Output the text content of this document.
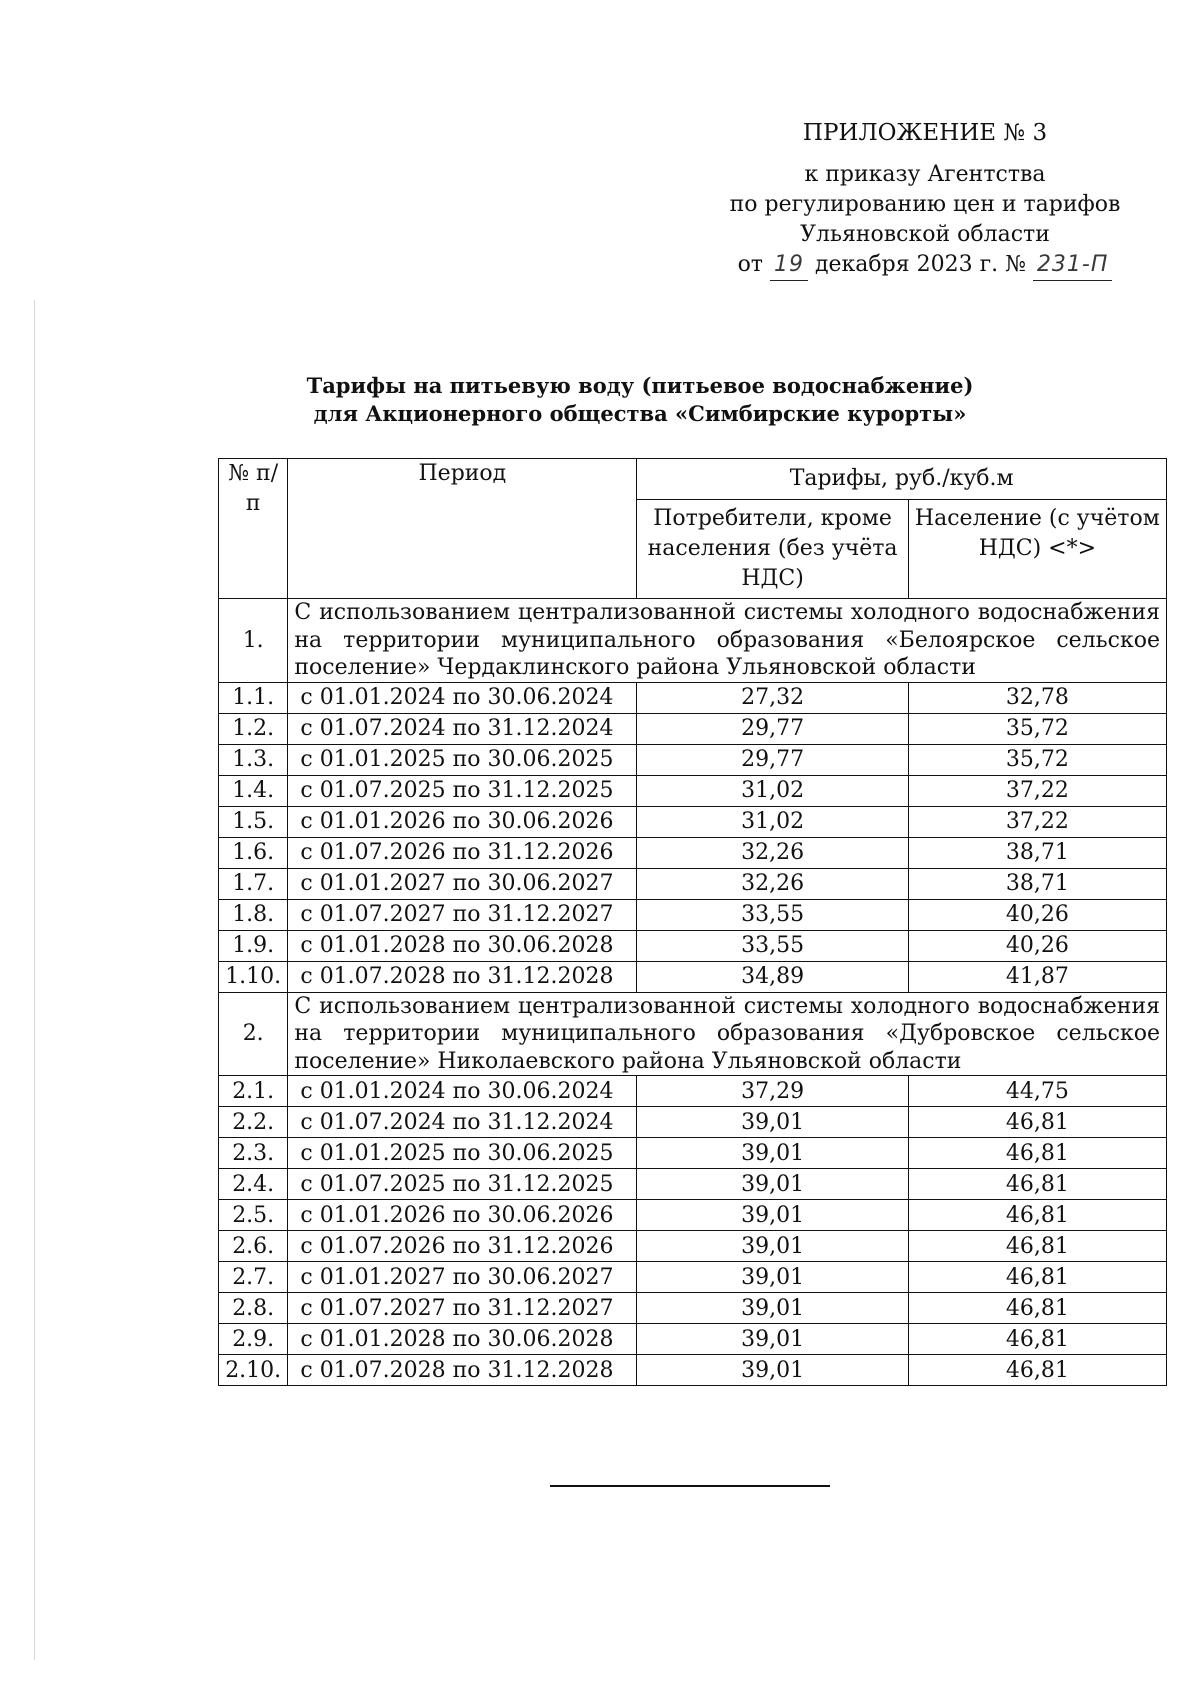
ПРИЛОЖЕНИЕ № 3
к приказу Агентства
по регулированию цен и тарифов
Ульяновской области
от 19 декабря 2023 г. № 231-П
Тарифы на питьевую воду (питьевое водоснабжение)
для Акционерного общества «Симбирские курорты»
№ п/п	Период	Тарифы, руб./куб.м	
		Потребители, кроме населения (без учёта НДС)	Население (с учётом НДС) <*>
1.	С использованием централизованной системы холодного водоснабжения на территории муниципального образования «Белоярское сельское поселение» Чердаклинского района Ульяновской области		
1.1.	с 01.01.2024 по 30.06.2024	27,32	32,78
1.2.	с 01.07.2024 по 31.12.2024	29,77	35,72
1.3.	с 01.01.2025 по 30.06.2025	29,77	35,72
1.4.	с 01.07.2025 по 31.12.2025	31,02	37,22
1.5.	с 01.01.2026 по 30.06.2026	31,02	37,22
1.6.	с 01.07.2026 по 31.12.2026	32,26	38,71
1.7.	с 01.01.2027 по 30.06.2027	32,26	38,71
1.8.	с 01.07.2027 по 31.12.2027	33,55	40,26
1.9.	с 01.01.2028 по 30.06.2028	33,55	40,26
1.10.	с 01.07.2028 по 31.12.2028	34,89	41,87
2.	С использованием централизованной системы холодного водоснабжения на территории муниципального образования «Дубровское сельское поселение» Николаевского района Ульяновской области		
2.1.	с 01.01.2024 по 30.06.2024	37,29	44,75
2.2.	с 01.07.2024 по 31.12.2024	39,01	46,81
2.3.	с 01.01.2025 по 30.06.2025	39,01	46,81
2.4.	с 01.07.2025 по 31.12.2025	39,01	46,81
2.5.	с 01.01.2026 по 30.06.2026	39,01	46,81
2.6.	с 01.07.2026 по 31.12.2026	39,01	46,81
2.7.	с 01.01.2027 по 30.06.2027	39,01	46,81
2.8.	с 01.07.2027 по 31.12.2027	39,01	46,81
2.9.	с 01.01.2028 по 30.06.2028	39,01	46,81
2.10.	с 01.07.2028 по 31.12.2028	39,01	46,81
